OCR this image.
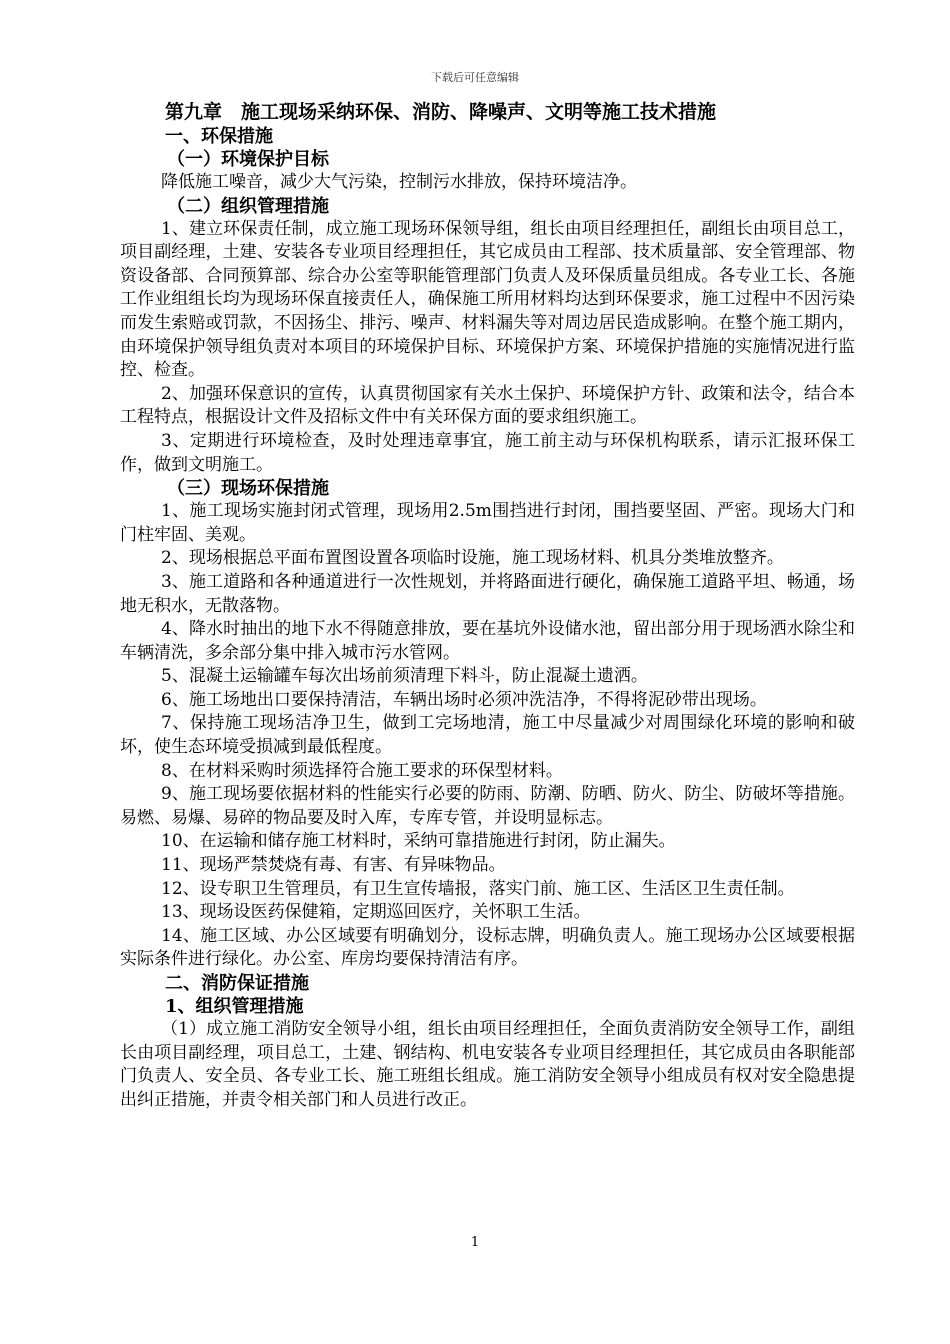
下载后可任意编辑
第九章　施工现场采纳环保、消防、降噪声、文明等施工技术措施
一、环保措施
（一）环境保护目标
降低施工噪音，减少大气污染，控制污水排放，保持环境洁净。
（二）组织管理措施
1、建立环保责任制，成立施工现场环保领导组，组长由项目经理担任，副组长由项目总工，项目副经理，土建、安装各专业项目经理担任，其它成员由工程部、技术质量部、安全管理部、物资设备部、合同预算部、综合办公室等职能管理部门负责人及环保质量员组成。各专业工长、各施工作业组组长均为现场环保直接责任人，确保施工所用材料均达到环保要求，施工过程中不因污染而发生索赔或罚款，不因扬尘、排污、噪声、材料漏失等对周边居民造成影响。在整个施工期内，由环境保护领导组负责对本项目的环境保护目标、环境保护方案、环境保护措施的实施情况进行监控、检查。
2、加强环保意识的宣传，认真贯彻国家有关水土保护、环境保护方针、政策和法令，结合本工程特点，根据设计文件及招标文件中有关环保方面的要求组织施工。
3、定期进行环境检查，及时处理违章事宜，施工前主动与环保机构联系，请示汇报环保工作，做到文明施工。
（三）现场环保措施
1、施工现场实施封闭式管理，现场用2.5m围挡进行封闭，围挡要坚固、严密。现场大门和门柱牢固、美观。
2、现场根据总平面布置图设置各项临时设施，施工现场材料、机具分类堆放整齐。
3、施工道路和各种通道进行一次性规划，并将路面进行硬化，确保施工道路平坦、畅通，场地无积水，无散落物。
4、降水时抽出的地下水不得随意排放，要在基坑外设储水池，留出部分用于现场洒水除尘和车辆清洗，多余部分集中排入城市污水管网。
5、混凝土运输罐车每次出场前须清理下料斗，防止混凝土遗洒。
6、施工场地出口要保持清洁，车辆出场时必须冲洗洁净，不得将泥砂带出现场。
7、保持施工现场洁净卫生，做到工完场地清，施工中尽量减少对周围绿化环境的影响和破坏，使生态环境受损减到最低程度。
8、在材料采购时须选择符合施工要求的环保型材料。
9、施工现场要依据材料的性能实行必要的防雨、防潮、防晒、防火、防尘、防破坏等措施。易燃、易爆、易碎的物品要及时入库，专库专管，并设明显标志。
10、在运输和储存施工材料时，采纳可靠措施进行封闭，防止漏失。
11、现场严禁焚烧有毒、有害、有异味物品。
12、设专职卫生管理员，有卫生宣传墙报，落实门前、施工区、生活区卫生责任制。
13、现场设医药保健箱，定期巡回医疗，关怀职工生活。
14、施工区域、办公区域要有明确划分，设标志牌，明确负责人。施工现场办公区域要根据实际条件进行绿化。办公室、库房均要保持清洁有序。
二、消防保证措施
1、组织管理措施
（1）成立施工消防安全领导小组，组长由项目经理担任，全面负责消防安全领导工作，副组长由项目副经理，项目总工，土建、钢结构、机电安装各专业项目经理担任，其它成员由各职能部门负责人、安全员、各专业工长、施工班组长组成。施工消防安全领导小组成员有权对安全隐患提出纠正措施，并责令相关部门和人员进行改正。
1
